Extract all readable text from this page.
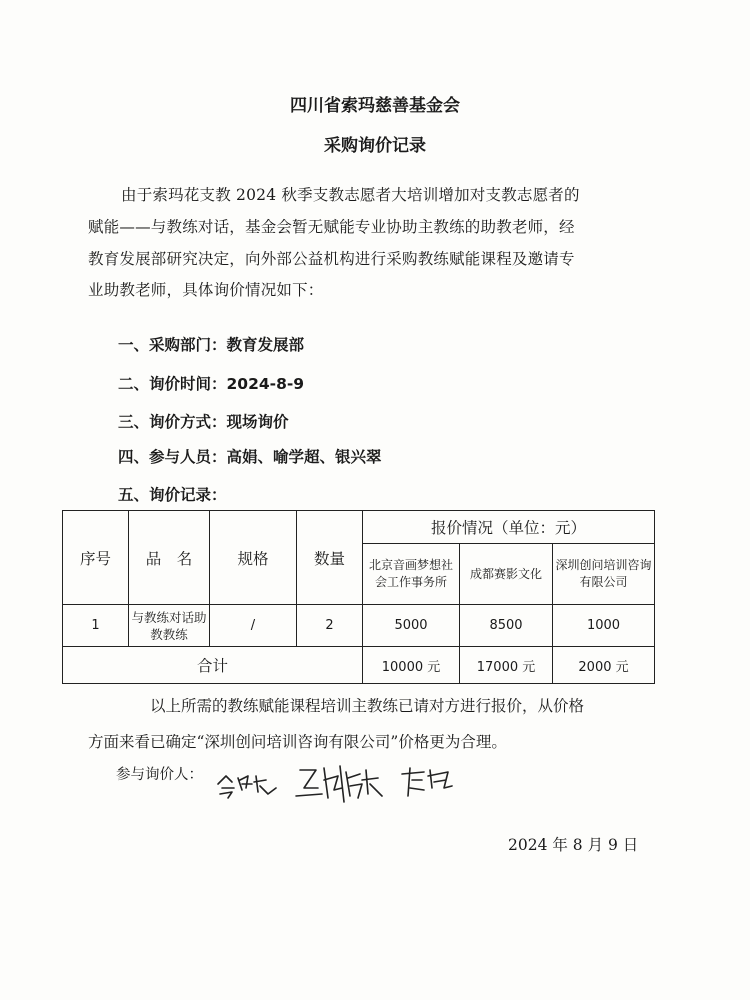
四川省索玛慈善基金会
采购询价记录
由于索玛花支教 2024 秋季支教志愿者大培训增加对支教志愿者的
赋能——与教练对话，基金会暂无赋能专业协助主教练的助教老师，经
教育发展部研究决定，向外部公益机构进行采购教练赋能课程及邀请专
业助教老师，具体询价情况如下：
一、采购部门：教育发展部
二、询价时间：2024-8-9
三、询价方式：现场询价
四、参与人员：高娟、喻学超、银兴翠
五、询价记录：
序号	品　名	规格	数量	报价情况（单位：元）		
				北京音画梦想社会工作事务所	成都赛影文化	深圳创问培训咨询有限公司
1	与教练对话助教教练	/	2	5000	8500	1000
合计				10000 元	17000 元	2000 元
以上所需的教练赋能课程培训主教练已请对方进行报价，从价格
方面来看已确定“深圳创问培训咨询有限公司”价格更为合理。
参与询价人：
2024 年 8 月 9 日
